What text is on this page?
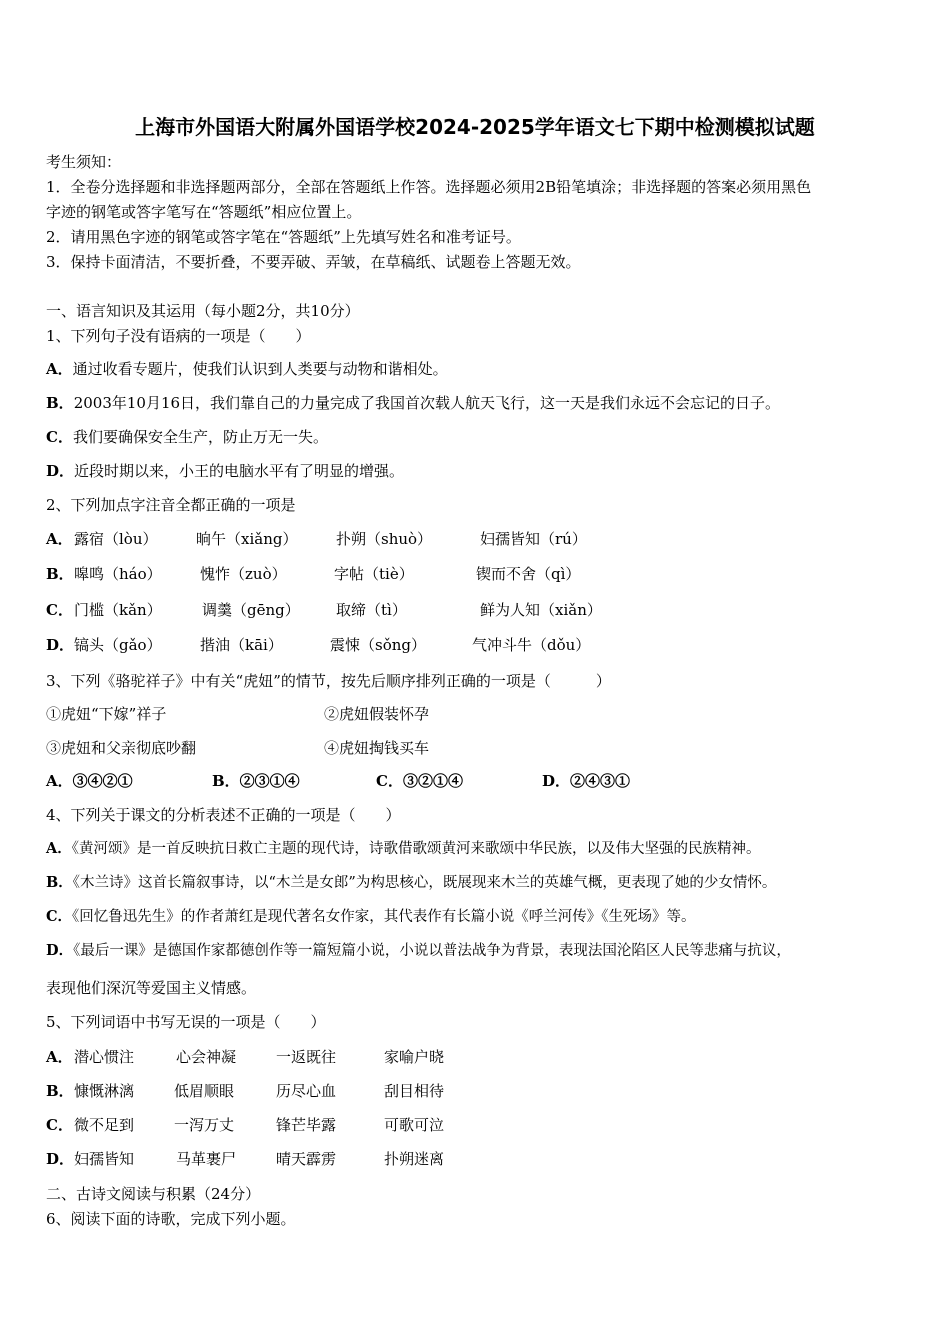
上海市外国语大附属外国语学校2024-2025学年语文七下期中检测模拟试题
考生须知：
1．全卷分选择题和非选择题两部分，全部在答题纸上作答。选择题必须用2B铅笔填涂；非选择题的答案必须用黑色
字迹的钢笔或答字笔写在“答题纸”相应位置上。
2．请用黑色字迹的钢笔或答字笔在“答题纸”上先填写姓名和准考证号。
3．保持卡面清洁，不要折叠，不要弄破、弄皱，在草稿纸、试题卷上答题无效。
一、语言知识及其运用（每小题2分，共10分）
1、下列句子没有语病的一项是（　　）
A．通过收看专题片，使我们认识到人类要与动物和谐相处。
B．2003年10月16日，我们靠自己的力量完成了我国首次载人航天飞行，这一天是我们永远不会忘记的日子。
C．我们要确保安全生产，防止万无一失。
D．近段时期以来，小王的电脑水平有了明显的增强。
2、下列加点字注音全都正确的一项是
A． 露宿（lòu）	晌午（xiǎng）	扑朔（shuò）	妇孺皆知（rú）
B． 嗥鸣（háo）	愧怍（zuò）	字帖（tiè）	锲而不舍（qì）
C． 门槛（kǎn）	调羹（gēng） 取缔（tì）	鲜为人知（xiǎn）
D． 镐头（gǎo）	揩油（kāi）	震悚（sǒng）	气冲斗牛（dǒu）
3、下列《骆驼祥子》中有关“虎妞”的情节，按先后顺序排列正确的一项是（　　　）
①虎妞“下嫁”祥子	②虎妞假装怀孕
③虎妞和父亲彻底吵翻	④虎妞掏钱买车
A．③④②①	B．②③①④	C．③②①④	D．②④③①
4、下列关于课文的分析表述不正确的一项是（　　）
A．《黄河颂》是一首反映抗日救亡主题的现代诗，诗歌借歌颂黄河来歌颂中华民族，以及伟大坚强的民族精神。
B．《木兰诗》这首长篇叙事诗，以“木兰是女郎”为构思核心，既展现来木兰的英雄气概，更表现了她的少女情怀。
C．《回忆鲁迅先生》的作者萧红是现代著名女作家，其代表作有长篇小说《呼兰河传》《生死场》等。
D．《最后一课》是德国作家都德创作等一篇短篇小说，小说以普法战争为背景，表现法国沦陷区人民等悲痛与抗议，
表现他们深沉等爱国主义情感。
5、下列词语中书写无误的一项是（　　）
A． 潜心惯注	心会神凝	一返既往	家喻户晓
B． 慷慨淋漓	低眉顺眼	历尽心血	刮目相待
C． 微不足到	一泻万丈	锋芒毕露	可歌可泣
D． 妇孺皆知	马革裹尸	晴天霹雳	扑朔迷离
二、古诗文阅读与积累（24分）
6、阅读下面的诗歌，完成下列小题。
